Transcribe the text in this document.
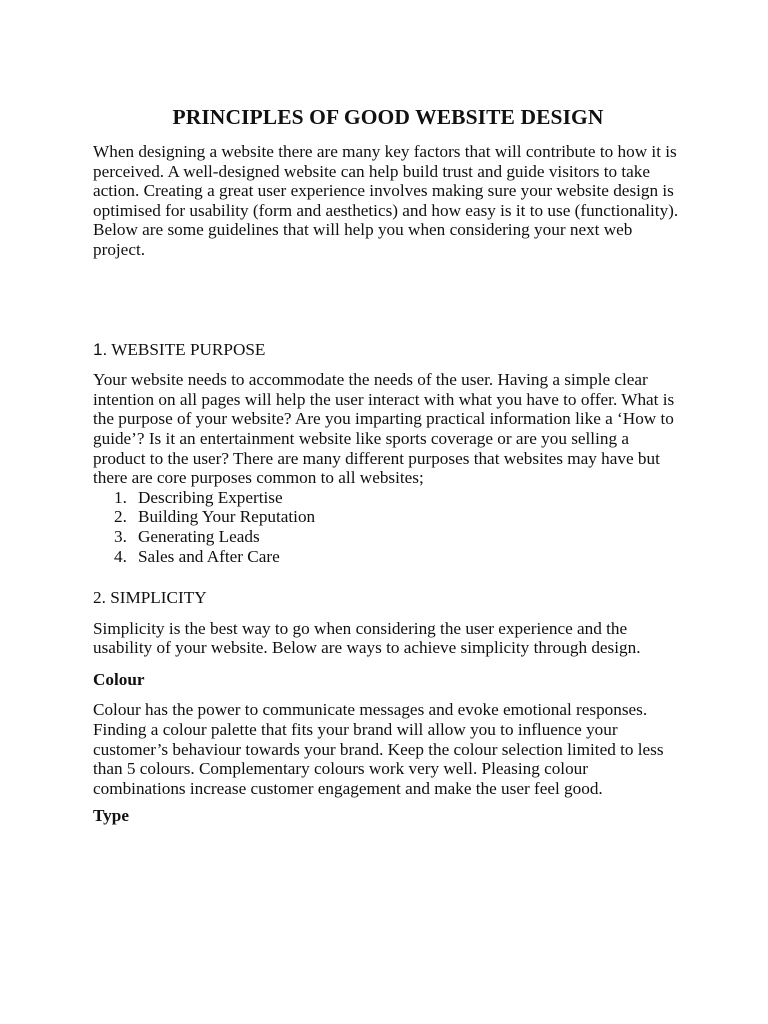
PRINCIPLES OF GOOD WEBSITE DESIGN

When designing a website there are many key factors that will contribute to how it is perceived. A well-designed website can help build trust and guide visitors to take action. Creating a great user experience involves making sure your website design is optimised for usability (form and aesthetics) and how easy is it to use (functionality).

Below are some guidelines that will help you when considering your next web project.

1. WEBSITE PURPOSE

Your website needs to accommodate the needs of the user. Having a simple clear intention on all pages will help the user interact with what you have to offer. What is the purpose of your website? Are you imparting practical information like a ‘How to guide’? Is it an entertainment website like sports coverage or are you selling a product to the user? There are many different purposes that websites may have but there are core purposes common to all websites;

1. Describing Expertise
2. Building Your Reputation
3. Generating Leads
4. Sales and After Care
2. SIMPLICITY

Simplicity is the best way to go when considering the user experience and the usability of your website. Below are ways to achieve simplicity through design.

Colour

Colour has the power to communicate messages and evoke emotional responses. Finding a colour palette that fits your brand will allow you to influence your customer’s behaviour towards your brand. Keep the colour selection limited to less than 5 colours. Complementary colours work very well. Pleasing colour combinations increase customer engagement and make the user feel good.

Type
